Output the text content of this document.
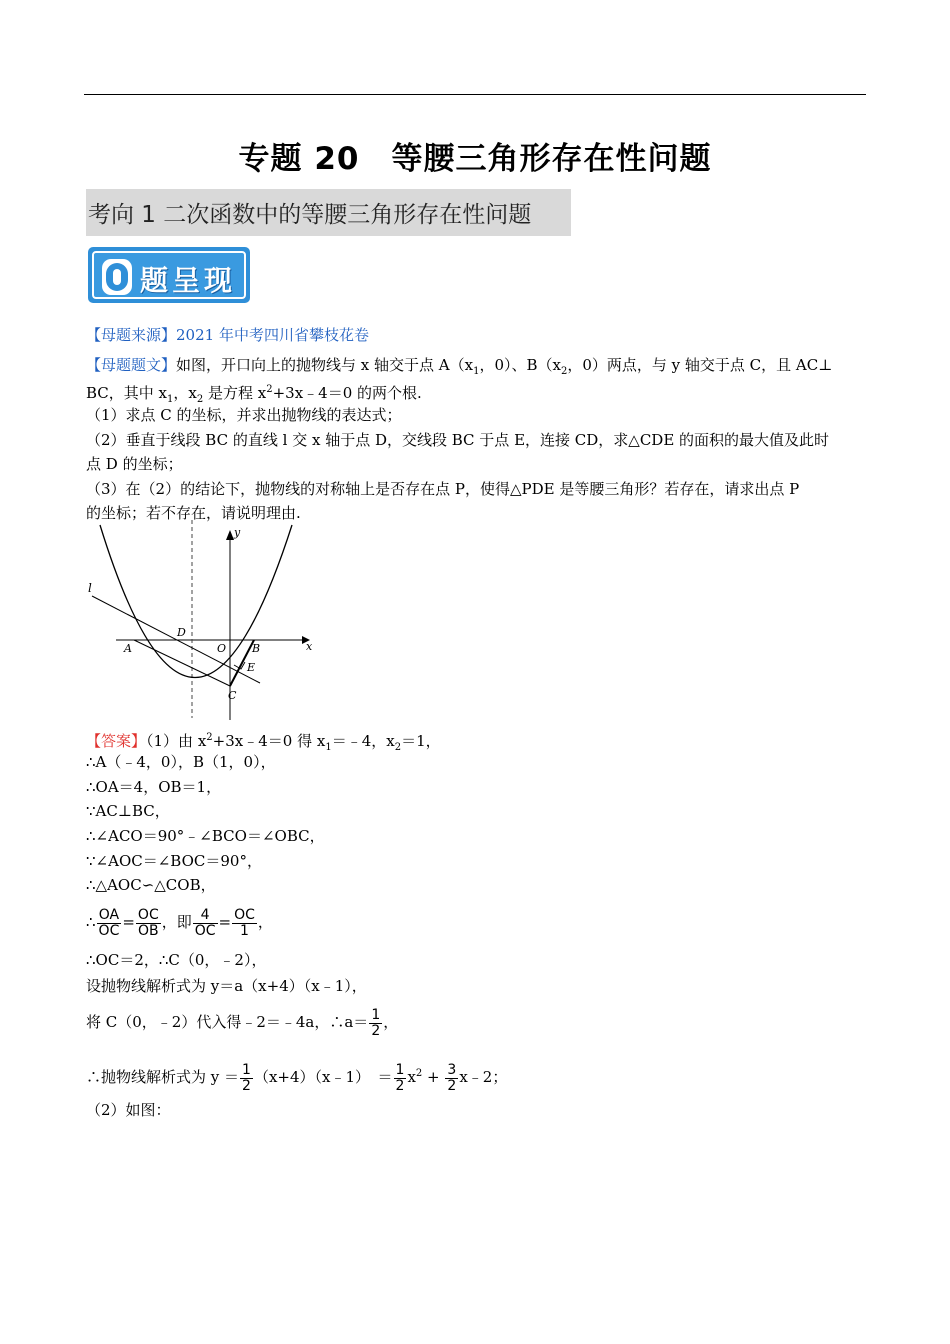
专题 20　等腰三角形存在性问题
考向 1 二次函数中的等腰三角形存在性问题
题呈现
【母题来源】2021 年中考四川省攀枝花卷
【母题题文】如图，开口向上的抛物线与 x 轴交于点 $A(x_1$，0）、$B(x_2$，0）两点，与 y 轴交于点 C，且 AC⊥
BC，其中 $x_1$，$x_2$ 是方程 $x^2+3x﹣4=0$ 的两个根.
（1）求点 C 的坐标，并求出抛物线的表达式；
（2）垂直于线段 BC 的直线 l 交 x 轴于点 D，交线段 BC 于点 E，连接 CD，求△CDE 的面积的最大值及此时
点 D 的坐标；
（3）在（2）的结论下，抛物线的对称轴上是否存在点 P，使得△PDE 是等腰三角形？若存在，请求出点 P
的坐标；若不存在，请说明理由.
l
y
x
D
O B
A
E
C
【答案】（1）由 $x^2+3x﹣4=0$ 得 $x_1=﹣4$，$x_2=1$，
∴A（﹣4，0），B（1，0），
∴OA＝4，OB＝1，
∵AC⊥BC，
∴∠ACO＝90°﹣∠BCO＝∠OBC，
∵∠AOC＝∠BOC＝90°，
∴△AOC∽△COB，
∴ $\frac{OA}{OC} = \frac{OC}{OB}$ ，即 $\frac{4}{OC} = \frac{OC}{1}$ ，
∴OC＝2，∴C（0，﹣2），
设抛物线解析式为 y＝a（x+4）（x﹣1），
将 C（0，﹣2）代入得﹣2＝﹣4a，∴a＝ $\frac{1}{2}$ ，
∴抛物线解析式为 $y = \frac{1}{2}$ （x+4）（x﹣1）　＝ $\frac{1}{2} x^2 + \frac{3}{2}$ x﹣2；
（2）如图：
